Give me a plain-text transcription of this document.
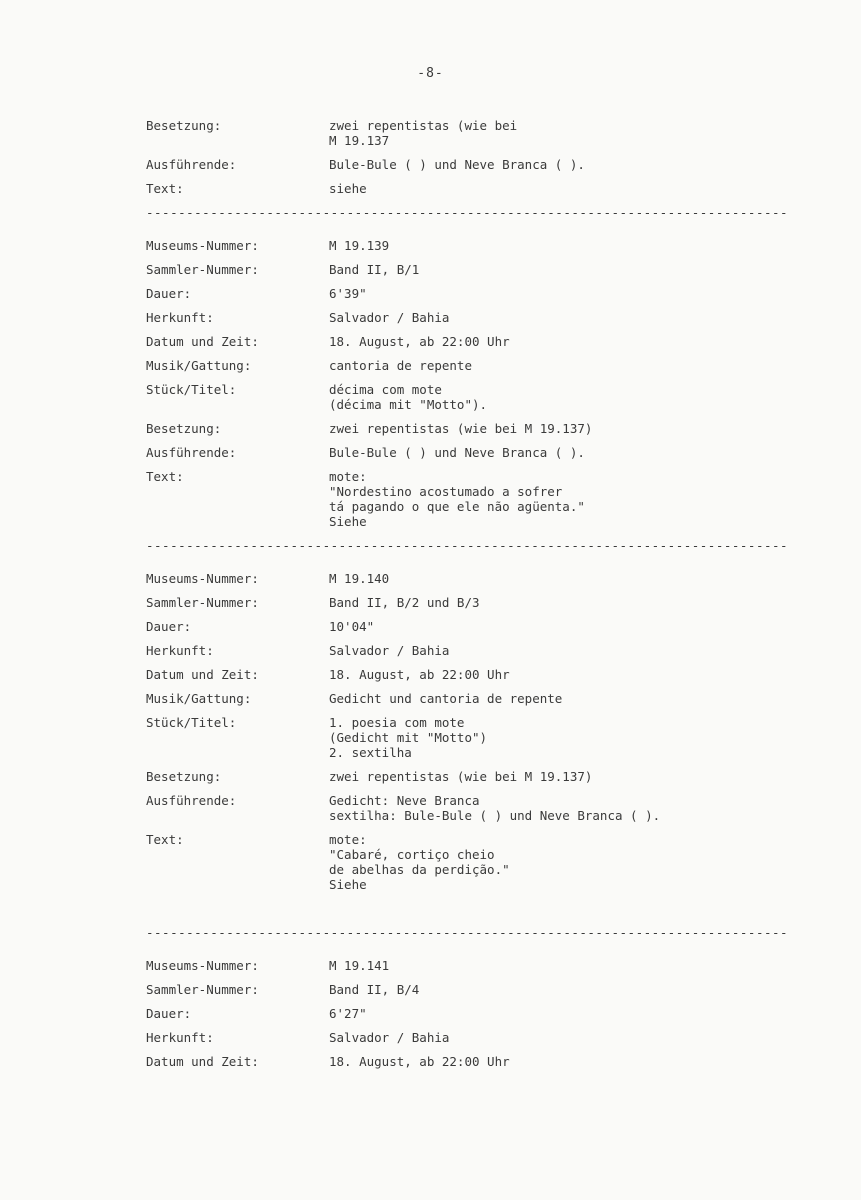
-8-
Besetzung:	zwei repentistas (wie bei
M 19.137
Ausführende:	Bule-Bule ( ) und Neve Branca ( ).
Text:	siehe
--------------------------------------------------------------------------------
Museums-Nummer:	M 19.139
Sammler-Nummer:	Band II, B/1
Dauer:	6'39"
Herkunft:	Salvador / Bahia
Datum und Zeit:	18. August, ab 22:00 Uhr
Musik/Gattung:	cantoria de repente
Stück/Titel:	décima com mote
(décima mit "Motto").
Besetzung:	zwei repentistas (wie bei M 19.137)
Ausführende:	Bule-Bule ( ) und Neve Branca ( ).
Text:	mote:
"Nordestino acostumado a sofrer
tá pagando o que ele não agüenta."
Siehe
--------------------------------------------------------------------------------
Museums-Nummer:	M 19.140
Sammler-Nummer:	Band II, B/2 und B/3
Dauer:	10'04"
Herkunft:	Salvador / Bahia
Datum und Zeit:	18. August, ab 22:00 Uhr
Musik/Gattung:	Gedicht und cantoria de repente
Stück/Titel:	1. poesia com mote
(Gedicht mit "Motto")
2. sextilha
Besetzung:	zwei repentistas (wie bei M 19.137)
Ausführende:	Gedicht: Neve Branca
sextilha: Bule-Bule ( ) und Neve Branca ( ).
Text:	mote:
"Cabaré, cortiço cheio
de abelhas da perdição."
Siehe
--------------------------------------------------------------------------------
Museums-Nummer:	M 19.141
Sammler-Nummer:	Band II, B/4
Dauer:	6'27"
Herkunft:	Salvador / Bahia
Datum und Zeit:	18. August, ab 22:00 Uhr
